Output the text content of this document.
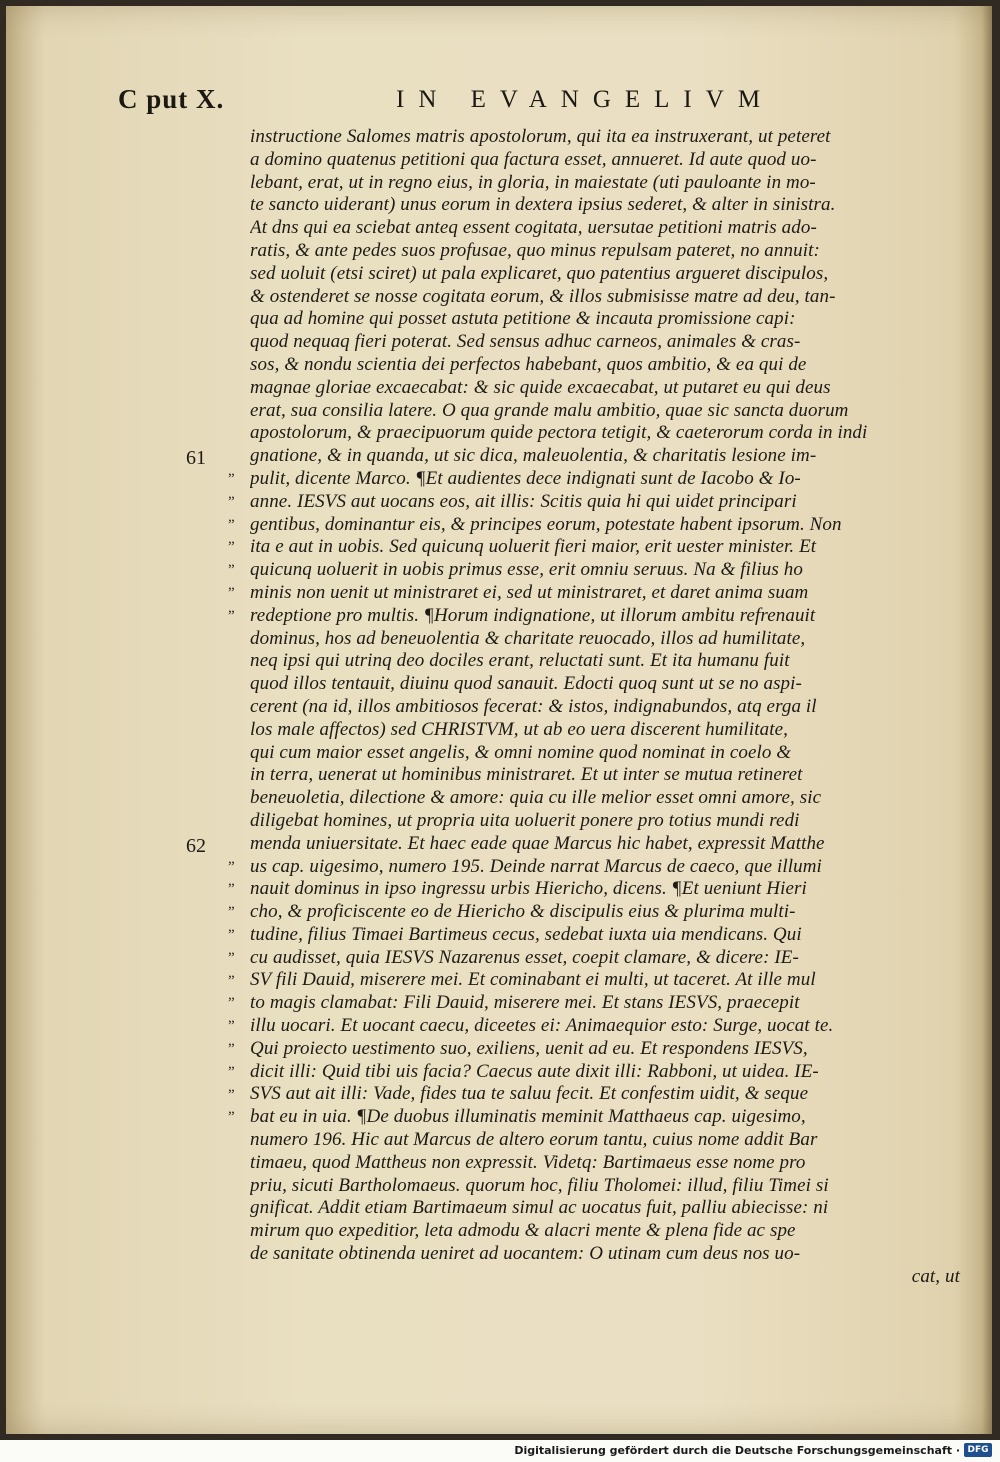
C put X.	IN EVANGELIVM
61
62
”
”
”
”
”
”
”
”
”
”
”
”
”
”
”
”
”
”
”
instructione Salomes matris apostolorum, qui ita ea instruxerant, ut peteret
a domino quatenus petitioni qua factura esset, annueret. Id aute quod uo-
lebant, erat, ut in regno eius, in gloria, in maiestate (uti pauloante in mo-
te sancto uiderant) unus eorum in dextera ipsius sederet, & alter in sinistra.
At dns qui ea sciebat anteq essent cogitata, uersutae petitioni matris ado-
ratis, & ante pedes suos profusae, quo minus repulsam pateret, no annuit:
sed uoluit (etsi sciret) ut pala explicaret, quo patentius argueret discipulos,
& ostenderet se nosse cogitata eorum, & illos submisisse matre ad deu, tan-
qua ad homine qui posset astuta petitione & incauta promissione capi:
quod nequaq fieri poterat. Sed sensus adhuc carneos, animales & cras-
sos, & nondu scientia dei perfectos habebant, quos ambitio, & ea qui de
magnae gloriae excaecabat: & sic quide excaecabat, ut putaret eu qui deus
erat, sua consilia latere. O qua grande malu ambitio, quae sic sancta duorum
apostolorum, & praecipuorum quide pectora tetigit, & caeterorum corda in indi
gnatione, & in quanda, ut sic dica, maleuolentia, & charitatis lesione im-
pulit, dicente Marco. ¶Et audientes dece indignati sunt de Iacobo & Io-
anne. IESVS aut uocans eos, ait illis: Scitis quia hi qui uidet principari
gentibus, dominantur eis, & principes eorum, potestate habent ipsorum. Non
ita e aut in uobis. Sed quicunq uoluerit fieri maior, erit uester minister. Et
quicunq uoluerit in uobis primus esse, erit omniu seruus. Na & filius ho
minis non uenit ut ministraret ei, sed ut ministraret, et daret anima suam
redeptione pro multis. ¶Horum indignatione, ut illorum ambitu refrenauit
dominus, hos ad beneuolentia & charitate reuocado, illos ad humilitate,
neq ipsi qui utrinq deo dociles erant, reluctati sunt. Et ita humanu fuit
quod illos tentauit, diuinu quod sanauit. Edocti quoq sunt ut se no aspi-
cerent (na id, illos ambitiosos fecerat: & istos, indignabundos, atq erga il
los male affectos) sed CHRISTVM, ut ab eo uera discerent humilitate,
qui cum maior esset angelis, & omni nomine quod nominat in coelo &
in terra, uenerat ut hominibus ministraret. Et ut inter se mutua retineret
beneuoletia, dilectione & amore: quia cu ille melior esset omni amore, sic
diligebat homines, ut propria uita uoluerit ponere pro totius mundi redi
menda uniuersitate. Et haec eade quae Marcus hic habet, expressit Matthe
us cap. uigesimo, numero 195. Deinde narrat Marcus de caeco, que illumi
nauit dominus in ipso ingressu urbis Hiericho, dicens. ¶Et ueniunt Hieri
cho, & proficiscente eo de Hiericho & discipulis eius & plurima multi-
tudine, filius Timaei Bartimeus cecus, sedebat iuxta uia mendicans. Qui
cu audisset, quia IESVS Nazarenus esset, coepit clamare, & dicere: IE-
SV fili Dauid, miserere mei. Et cominabant ei multi, ut taceret. At ille mul
to magis clamabat: Fili Dauid, miserere mei. Et stans IESVS, praecepit
illu uocari. Et uocant caecu, diceetes ei: Animaequior esto: Surge, uocat te.
Qui proiecto uestimento suo, exiliens, uenit ad eu. Et respondens IESVS,
dicit illi: Quid tibi uis facia? Caecus aute dixit illi: Rabboni, ut uidea. IE-
SVS aut ait illi: Vade, fides tua te saluu fecit. Et confestim uidit, & seque
bat eu in uia. ¶De duobus illuminatis meminit Matthaeus cap. uigesimo,
numero 196. Hic aut Marcus de altero eorum tantu, cuius nome addit Bar
timaeu, quod Mattheus non expressit. Videtq: Bartimaeus esse nome pro
priu, sicuti Bartholomaeus. quorum hoc, filiu Tholomei: illud, filiu Timei si
gnificat. Addit etiam Bartimaeum simul ac uocatus fuit, palliu abiecisse: ni
mirum quo expeditior, leta admodu & alacri mente & plena fide ac spe
de sanitate obtinenda ueniret ad uocantem: O utinam cum deus nos uo-
cat, ut
Digitalisierung gefördert durch die Deutsche Forschungsgemeinschaft · DFG
